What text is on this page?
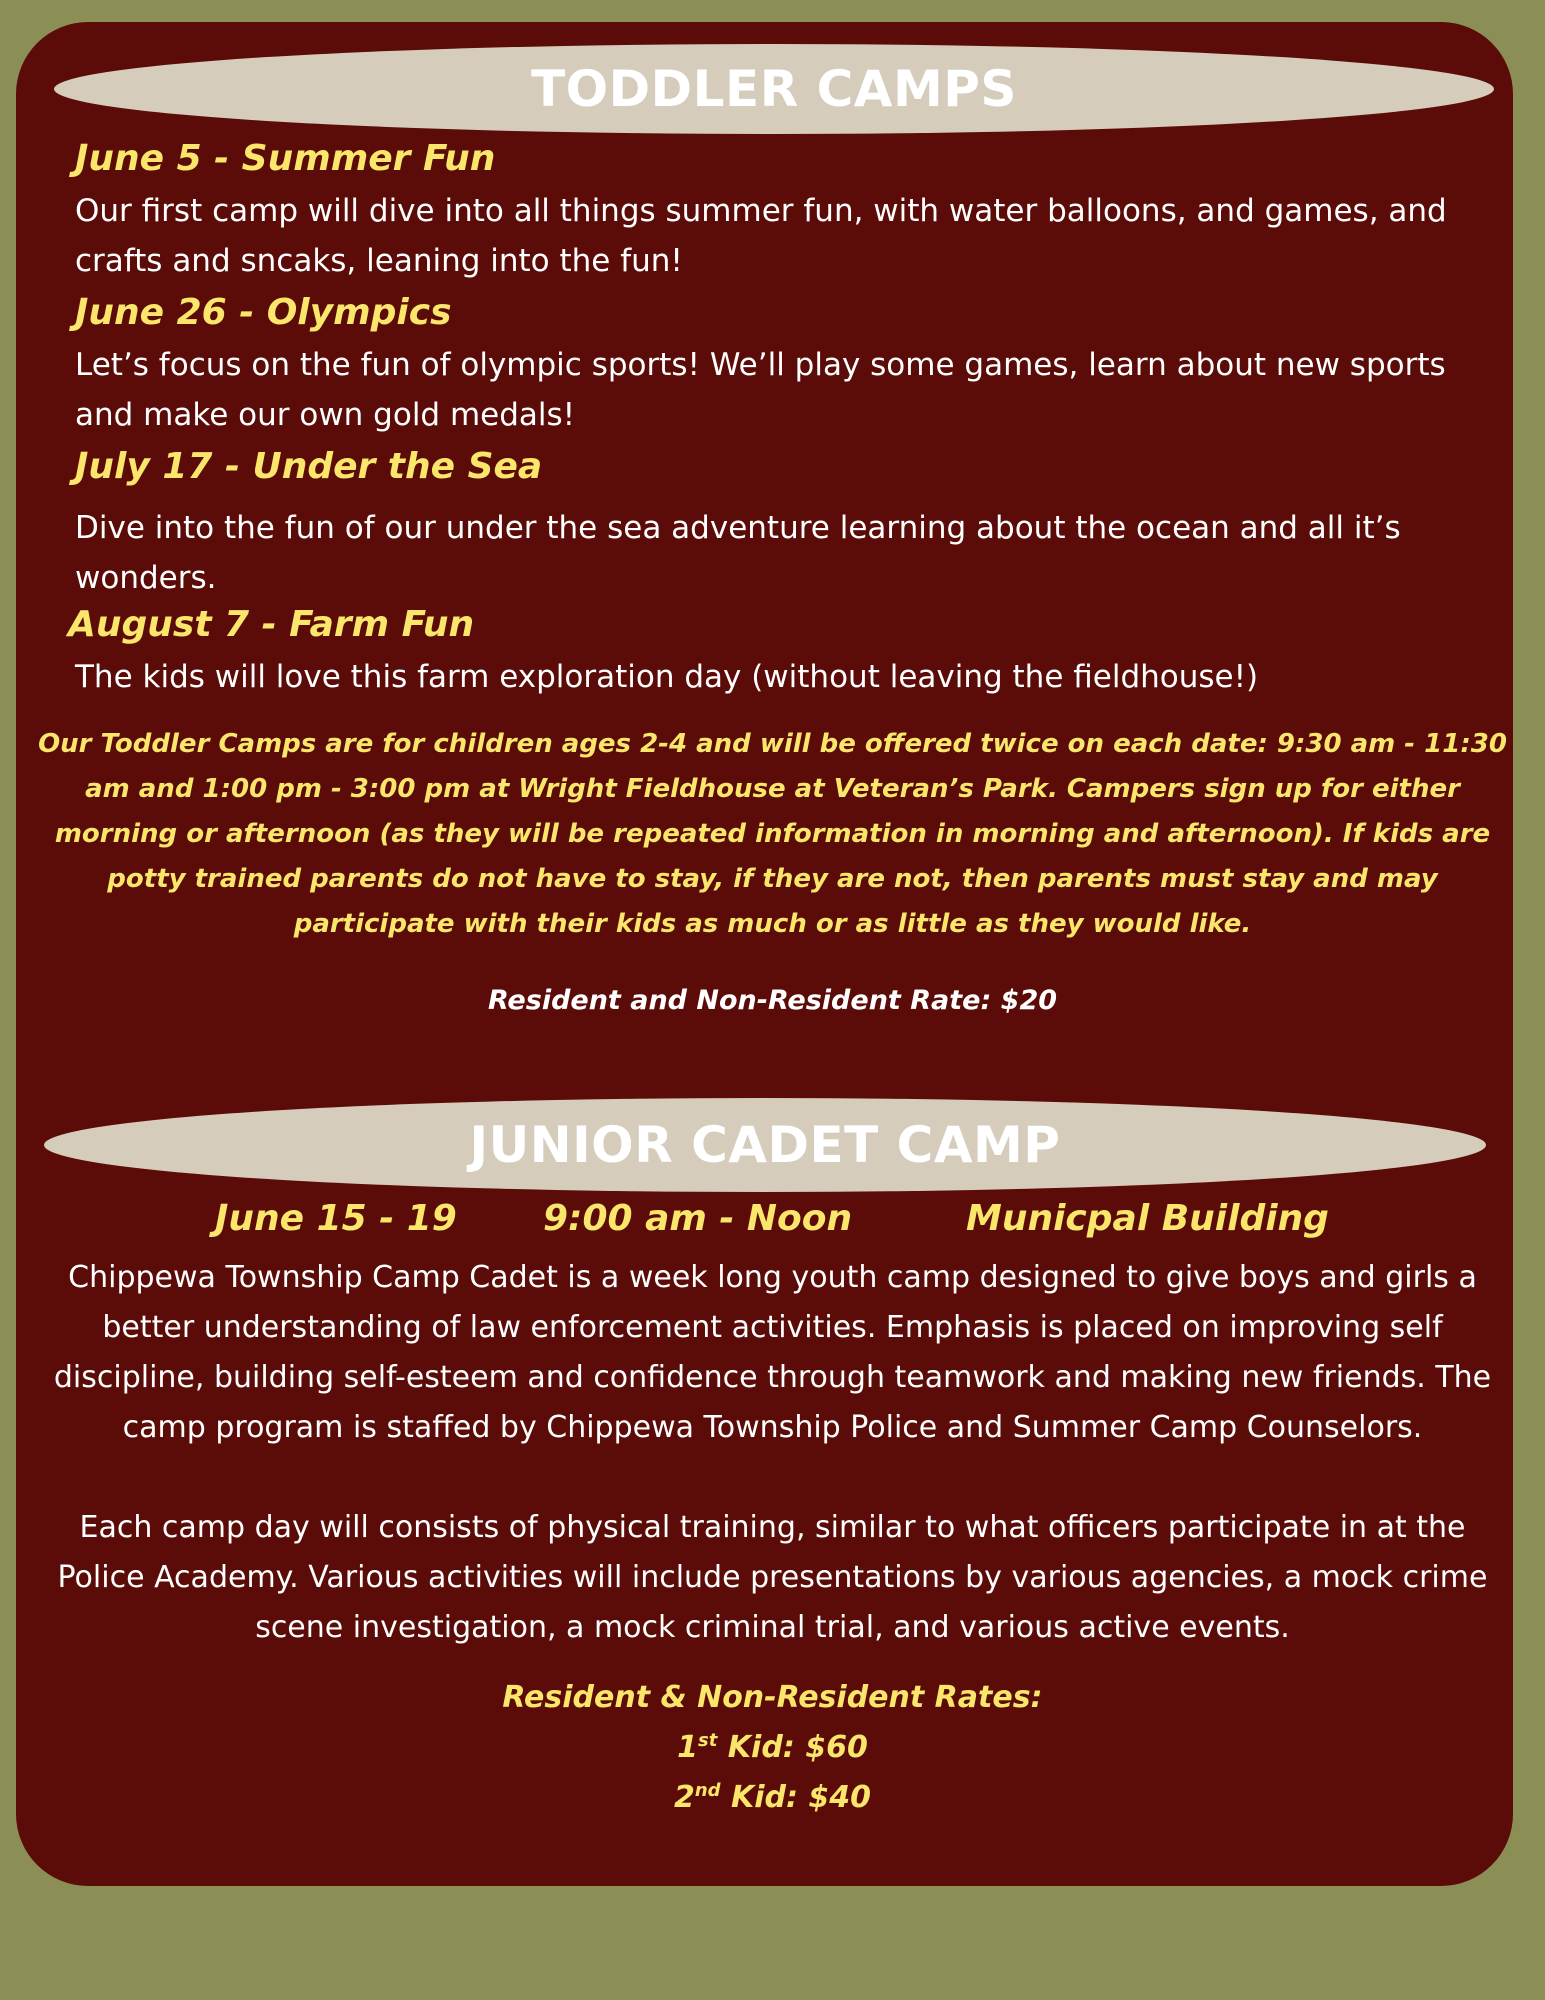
TODDLER CAMPS
June 5 - Summer Fun
Our first camp will dive into all things summer fun, with water balloons, and games, and crafts and sncaks, leaning into the fun!
June 26 - Olympics
Let’s focus on the fun of olympic sports! We’ll play some games, learn about new sports and make our own gold medals!
July 17 - Under the Sea
Dive into the fun of our under the sea adventure learning about the ocean and all it’s wonders.
August 7 - Farm Fun
The kids will love this farm exploration day (without leaving the fieldhouse!)
Our Toddler Camps are for children ages 2-4 and will be offered twice on each date: 9:30 am - 11:30 am and 1:00 pm - 3:00 pm at Wright Fieldhouse at Veteran’s Park. Campers sign up for either morning or afternoon (as they will be repeated information in morning and afternoon). If kids are potty trained parents do not have to stay, if they are not, then parents must stay and may participate with their kids as much or as little as they would like.
Resident and Non-Resident Rate: $20
JUNIOR CADET CAMP
June 15 - 19 9:00 am - Noon	Municpal Building
Chippewa Township Camp Cadet is a week long youth camp designed to give boys and girls a better understanding of law enforcement activities. Emphasis is placed on improving self discipline, building self-esteem and confidence through teamwork and making new friends. The camp program is staffed by Chippewa Township Police and Summer Camp Counselors.
Each camp day will consists of physical training, similar to what officers participate in at the Police Academy. Various activities will include presentations by various agencies, a mock crime scene investigation, a mock criminal trial, and various active events.
Resident & Non-Resident Rates:
1st Kid: $60
2nd Kid: $40
